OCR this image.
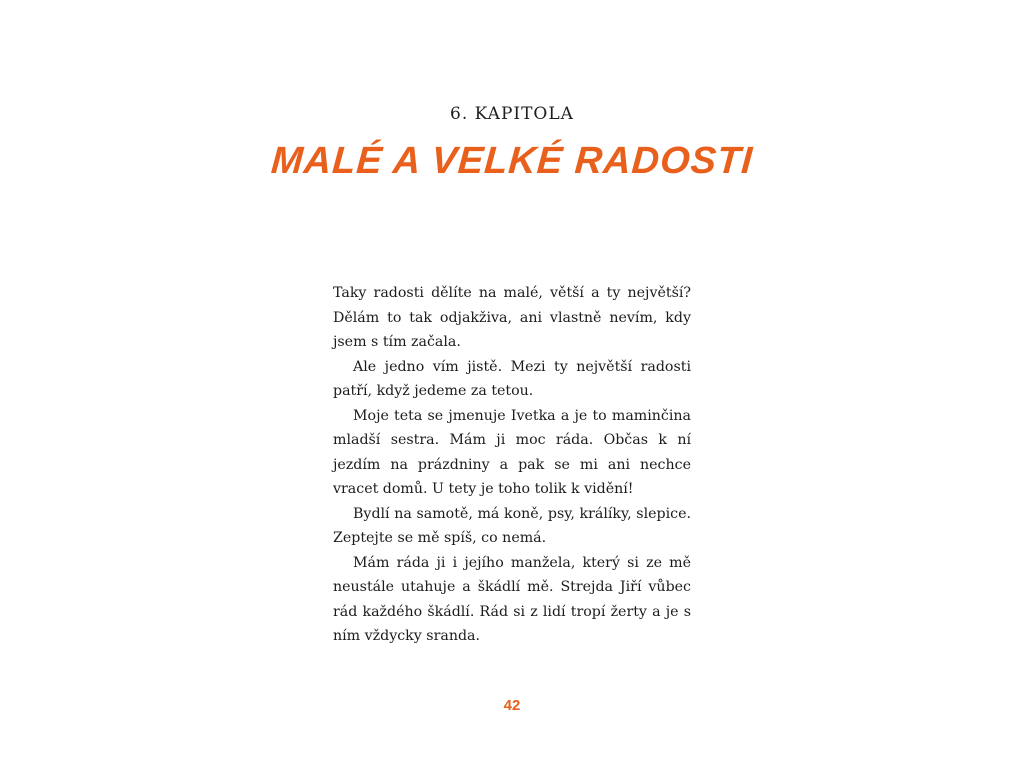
6. KAPITOLA

MALÉ A VELKÉ RADOSTI

Taky radosti dělíte na malé, větší a ty největší? Dělám to tak odjakživa, ani vlastně nevím, kdy jsem s tím začala.

Ale jedno vím jistě. Mezi ty největší radosti patří, když jedeme za tetou.

Moje teta se jmenuje Ivetka a je to maminčina mladší sestra. Mám ji moc ráda. Občas k ní jezdím na prázdniny a pak se mi ani nechce vracet domů. U tety je toho tolik k vidění!

Bydlí na samotě, má koně, psy, králíky, slepice. Zeptejte se mě spíš, co nemá.

Mám ráda ji i jejího manžela, který si ze mě neustále utahuje a škádlí mě. Strejda Jiří vůbec rád každého škádlí. Rád si z lidí tropí žerty a je s ním vždycky sranda.

42
